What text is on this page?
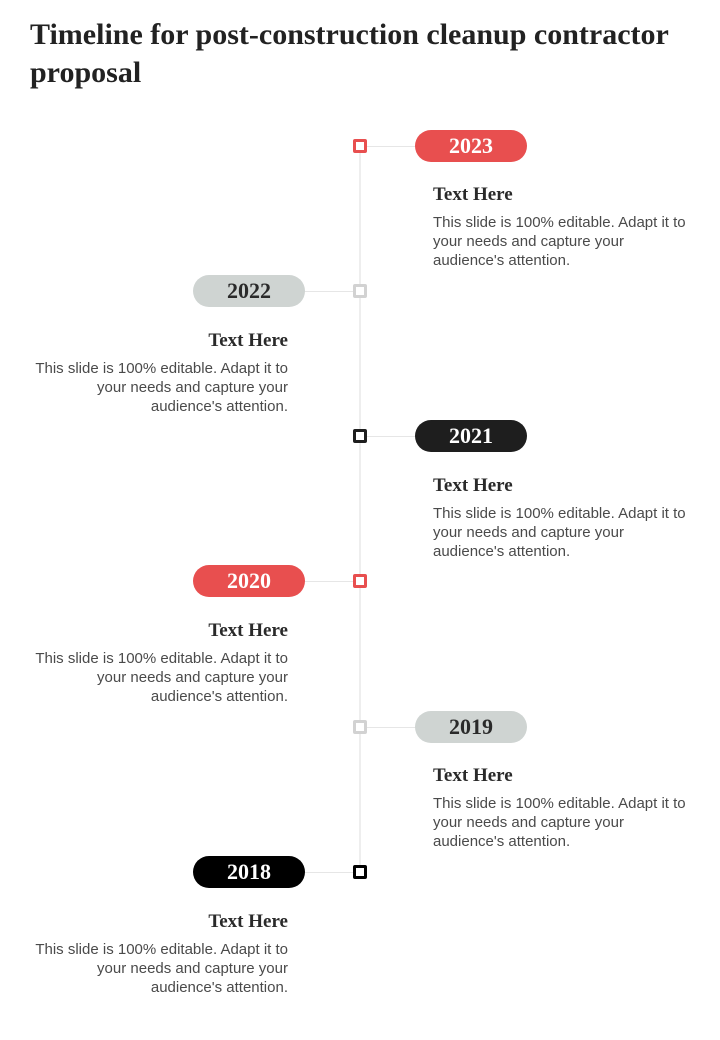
Timeline for post-construction cleanup contractor proposal
2023
Text Here
This slide is 100% editable. Adapt it to your needs and capture your audience's attention.
2022
Text Here
This slide is 100% editable. Adapt it to your needs and capture your audience's attention.
2021
Text Here
This slide is 100% editable. Adapt it to your needs and capture your audience's attention.
2020
Text Here
This slide is 100% editable. Adapt it to your needs and capture your audience's attention.
2019
Text Here
This slide is 100% editable. Adapt it to your needs and capture your audience's attention.
2018
Text Here
This slide is 100% editable. Adapt it to your needs and capture your audience's attention.
